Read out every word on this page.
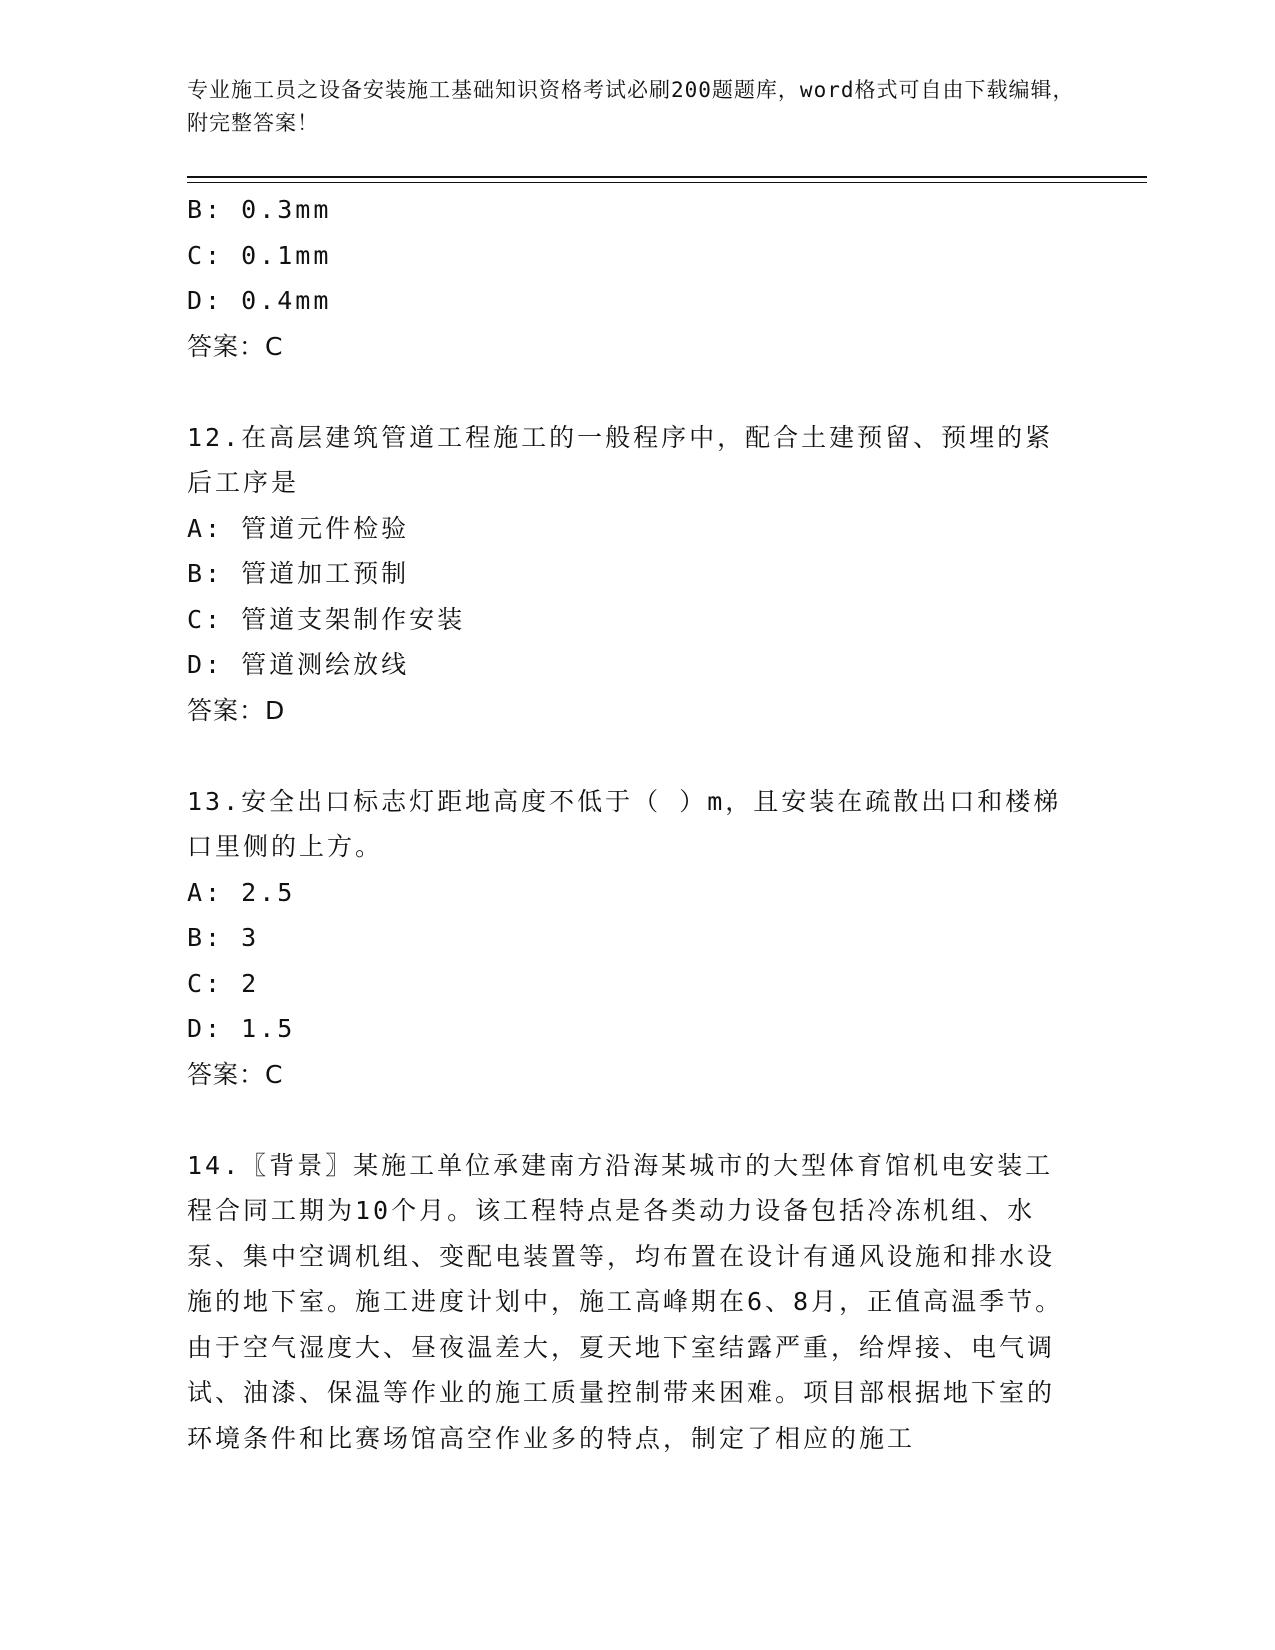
专业施工员之设备安装施工基础知识资格考试必刷200题题库，word格式可自由下载编辑，附完整答案！
B: 0.3mm
C: 0.1mm
D: 0.4mm
答案：C
12.在高层建筑管道工程施工的一般程序中，配合土建预留、预埋的紧后工序是
A: 管道元件检验
B: 管道加工预制
C: 管道支架制作安装
D: 管道测绘放线
答案：D
13.安全出口标志灯距地高度不低于（ ）m，且安装在疏散出口和楼梯口里侧的上方。
A: 2.5
B: 3
C: 2
D: 1.5
答案：C
14.〖背景〗某施工单位承建南方沿海某城市的大型体育馆机电安装工程合同工期为10个月。该工程特点是各类动力设备包括冷冻机组、水泵、集中空调机组、变配电装置等，均布置在设计有通风设施和排水设施的地下室。施工进度计划中，施工高峰期在6、8月，正值高温季节。由于空气湿度大、昼夜温差大，夏天地下室结露严重，给焊接、电气调试、油漆、保温等作业的施工质量控制带来困难。项目部根据地下室的环境条件和比赛场馆高空作业多的特点，制定了相应的施工
